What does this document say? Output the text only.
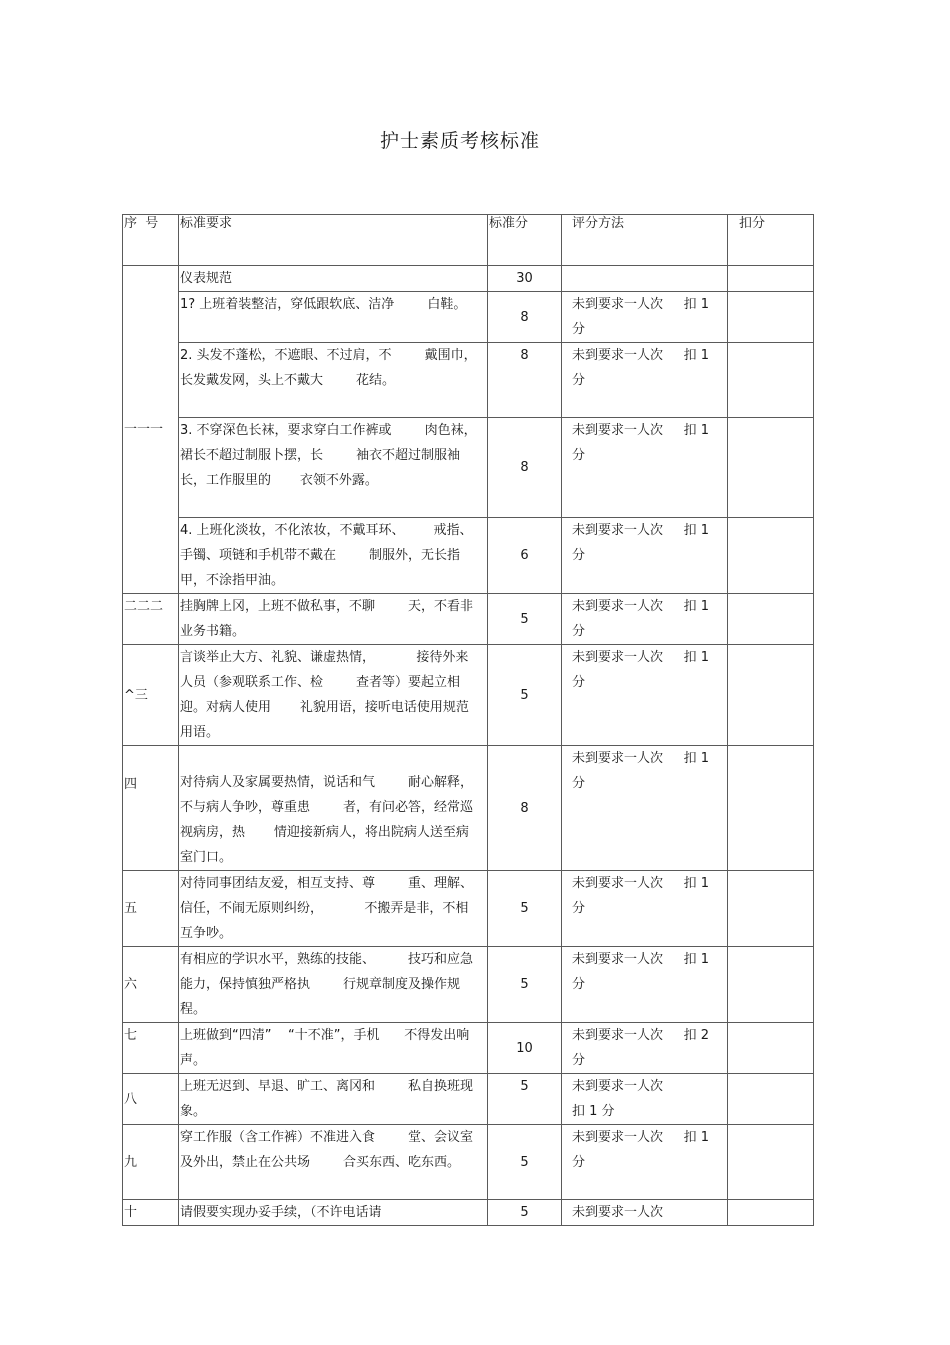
护士素质考核标准
序  号	标准要求	标准分	评分方法	扣分
一一一	仪表规范	30		
	1? 上班着装整洁，穿低跟软底、洁净        白鞋。	8	未到要求一人次     扣 1 分	
	2. 头发不蓬松，不遮眼、不过肩，不        戴围巾，长发戴发网，头上不戴大        花结。	8	未到要求一人次     扣 1 分	
	3. 不穿深色长袜，要求穿白工作裤或        肉色袜，裙长不超过制服卜摆，长        袖衣不超过制服袖长，工作服里的       衣领不外露。	8	未到要求一人次     扣 1 分	
	4. 上班化淡妆，不化浓妆，不戴耳环、       戒指、手镯、项链和手机带不戴在        制服外，无长指甲，不涂指甲油。	6	未到要求一人次     扣 1 分	
二二二	挂胸牌上冈，上班不做私事，不聊        天，不看非业务书籍。	5	未到要求一人次     扣 1 分	
^三	言谈举止大方、礼貌、谦虚热情，          接待外来人员（参观联系工作、检        查者等）要起立相迎。对病人使用       礼貌用语，接听电话使用规范用语。	5	未到要求一人次     扣 1 分	
四	对待病人及家属要热情，说话和气        耐心解释，不与病人争吵，尊重患        者，有问必答，经常巡视病房，热       情迎接新病人，将出院病人送至病       室门口。	8	未到要求一人次     扣 1 分	
五	对待同事团结友爱，相互支持、尊        重、理解、信任，不闹无原则纠纷，          不搬弄是非，不相互争吵。	5	未到要求一人次     扣 1 分	
六	有相应的学识水平，熟练的技能、        技巧和应急能力，保持慎独严格执        行规章制度及操作规程。	5	未到要求一人次     扣 1 分	
七	上班做到“四清”    “十不准”，手机      不得发出响声。	10	未到要求一人次     扣 2 分	
八	上班无迟到、早退、旷工、离冈和        私自换班现象。	5	未到要求一人次
扣 1 分	
九	穿工作服（含工作裤）不准进入食        堂、会议室及外出，禁止在公共场        合买东西、吃东西。	5	未到要求一人次     扣 1 分	
十	请假要实现办妥手续，（不许电话请	5	未到要求一人次	
